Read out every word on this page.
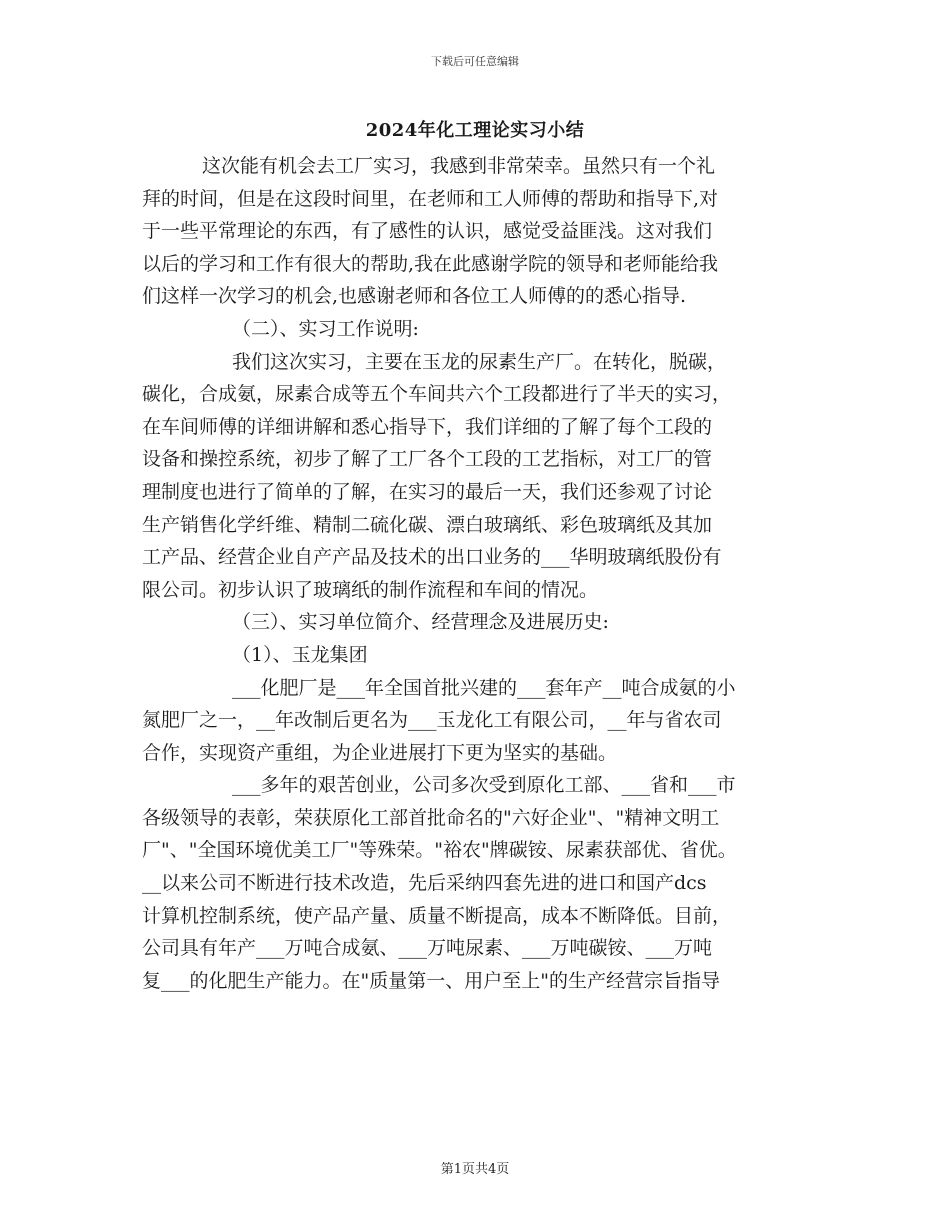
下载后可任意编辑
2024年化工理论实习小结
这次能有机会去工厂实习，我感到非常荣幸。虽然只有一个礼
拜的时间，但是在这段时间里，在老师和工人师傅的帮助和指导下,对
于一些平常理论的东西，有了感性的认识，感觉受益匪浅。这对我们
以后的学习和工作有很大的帮助,我在此感谢学院的领导和老师能给我
们这样一次学习的机会,也感谢老师和各位工人师傅的的悉心指导.
（二）、实习工作说明:
我们这次实习，主要在玉龙的尿素生产厂。在转化，脱碳，
碳化，合成氨，尿素合成等五个车间共六个工段都进行了半天的实习，
在车间师傅的详细讲解和悉心指导下，我们详细的了解了每个工段的
设备和操控系统，初步了解了工厂各个工段的工艺指标，对工厂的管
理制度也进行了简单的了解，在实习的最后一天，我们还参观了讨论
生产销售化学纤维、精制二硫化碳、漂白玻璃纸、彩色玻璃纸及其加
工产品、经营企业自产产品及技术的出口业务的___华明玻璃纸股份有
限公司。初步认识了玻璃纸的制作流程和车间的情况。
（三）、实习单位简介、经营理念及进展历史:
（1）、玉龙集团
___化肥厂是___年全国首批兴建的___套年产__吨合成氨的小
氮肥厂之一，__年改制后更名为___玉龙化工有限公司，__年与省农司
合作，实现资产重组，为企业进展打下更为坚实的基础。
___多年的艰苦创业，公司多次受到原化工部、___省和___市
各级领导的表彰，荣获原化工部首批命名的"六好企业"、"精神文明工
厂"、"全国环境优美工厂"等殊荣。"裕农"牌碳铵、尿素获部优、省优。
__以来公司不断进行技术改造，先后采纳四套先进的进口和国产dcs
计算机控制系统，使产品产量、质量不断提高，成本不断降低。目前，
公司具有年产___万吨合成氨、___万吨尿素、___万吨碳铵、___万吨
复___的化肥生产能力。在"质量第一、用户至上"的生产经营宗旨指导
第1页共4页
